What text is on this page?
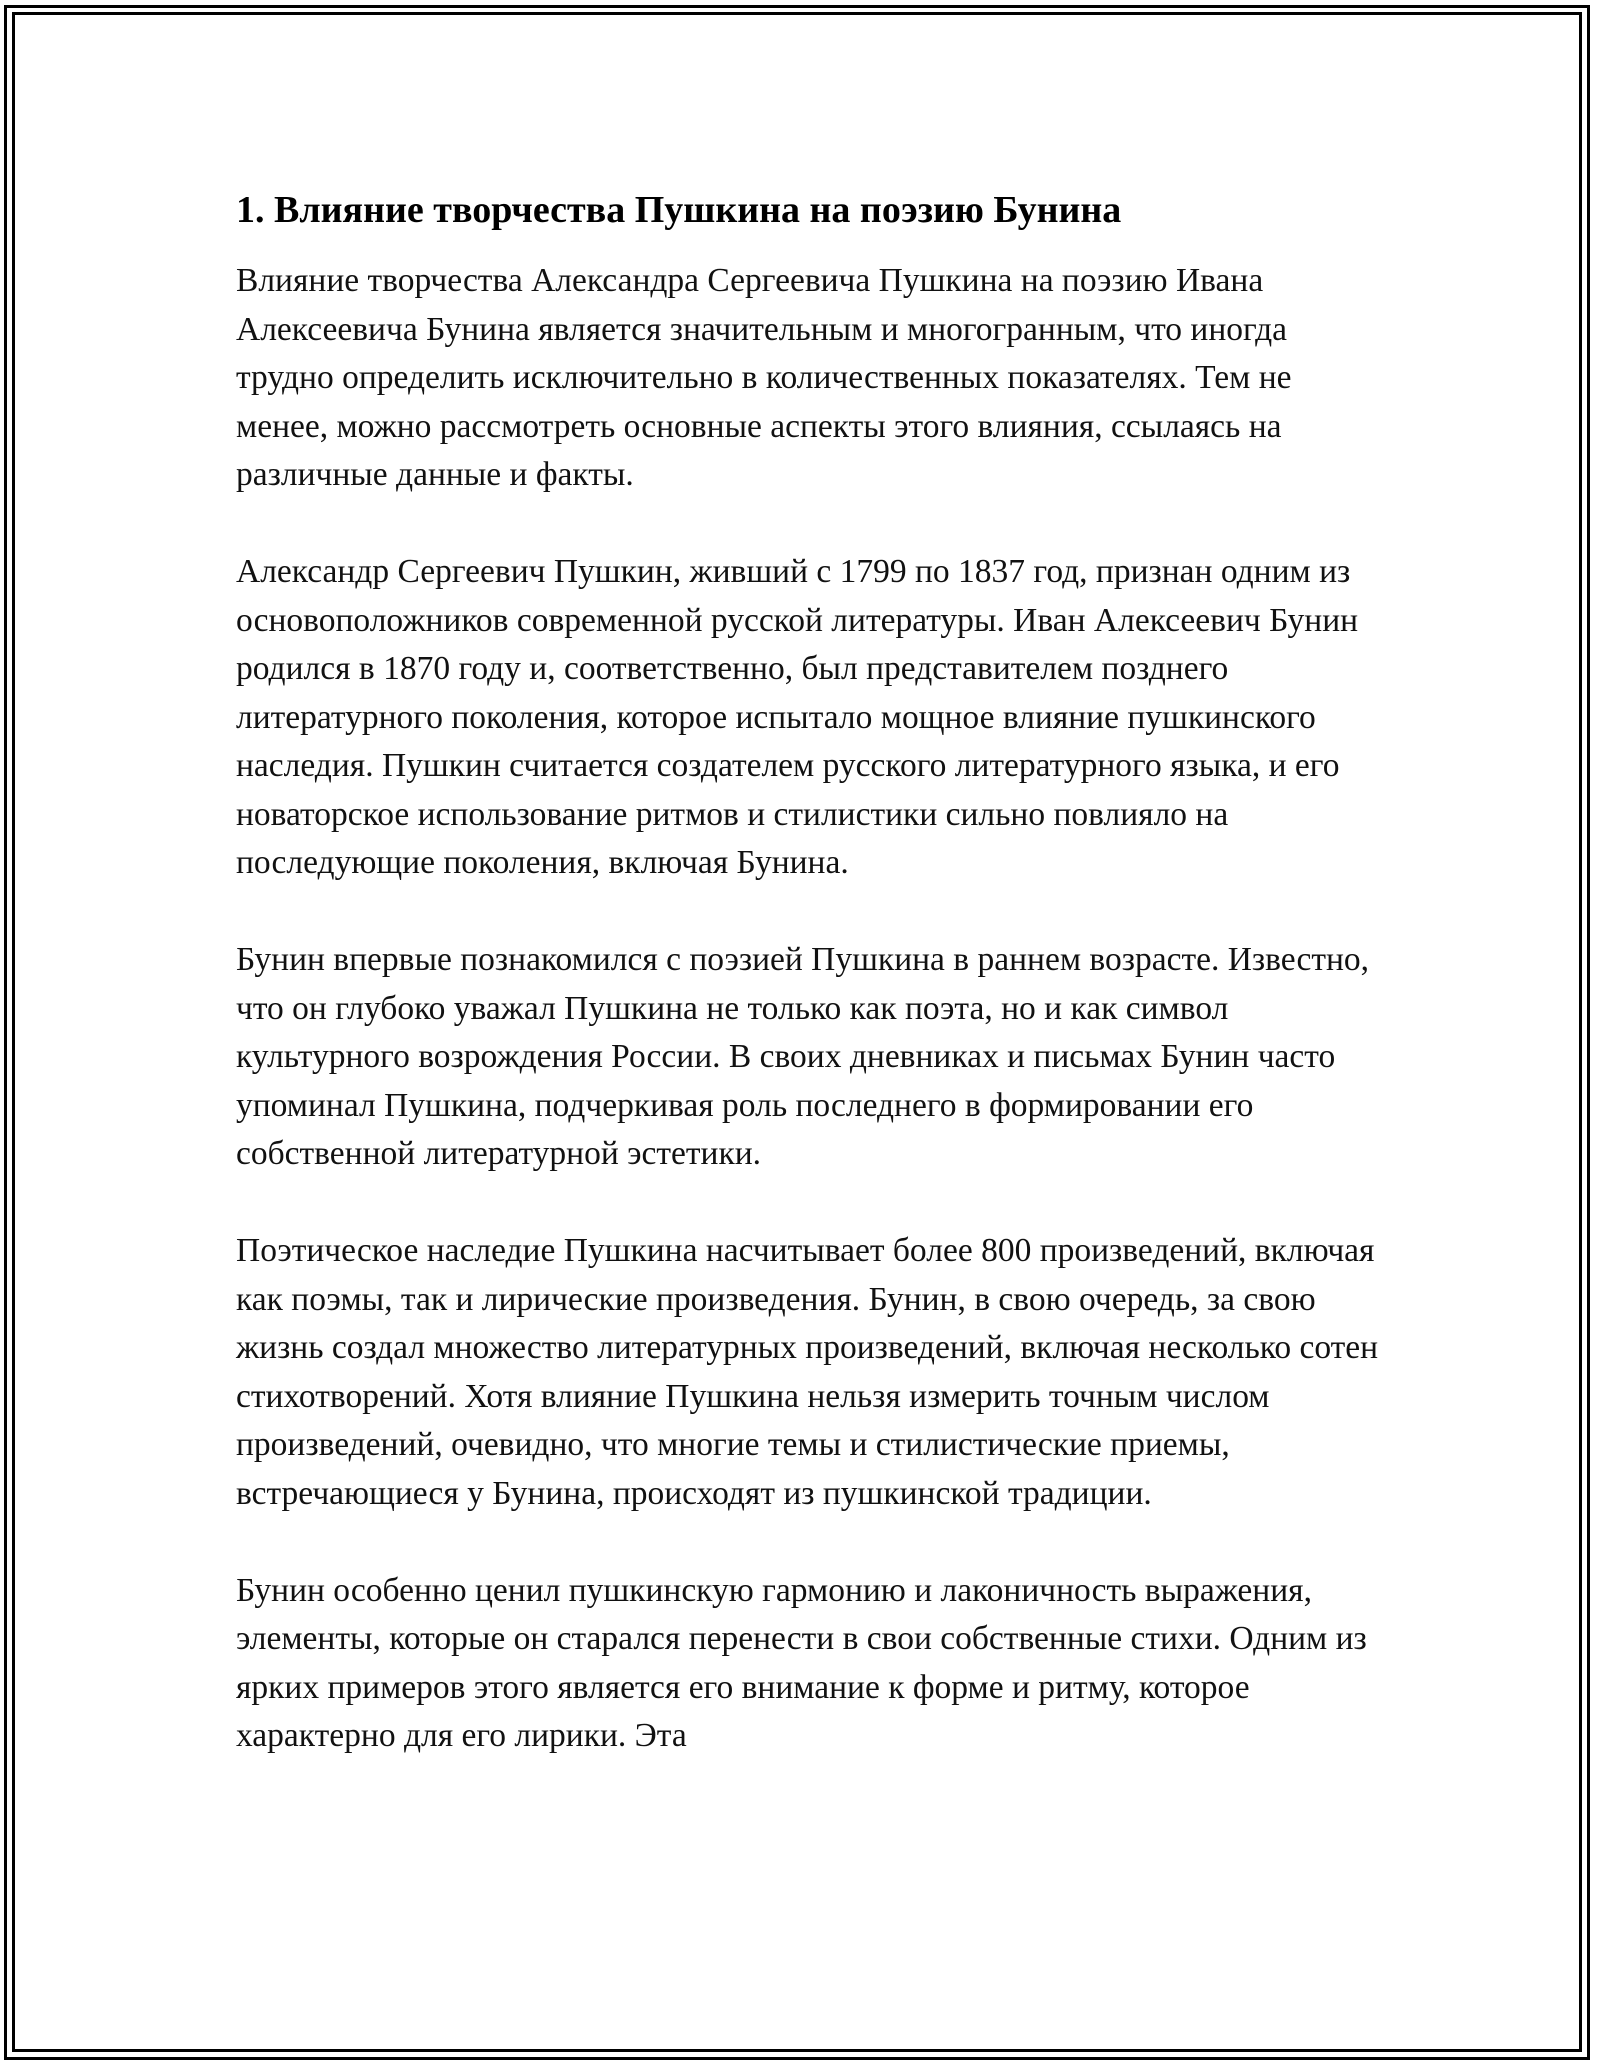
1. Влияние творчества Пушкина на поэзию Бунина

Влияние творчества Александра Сергеевича Пушкина на поэзию Ивана Алексеевича Бунина является значительным и многогранным, что иногда трудно определить исключительно в количественных показателях. Тем не менее, можно рассмотреть основные аспекты этого влияния, ссылаясь на различные данные и факты.

Александр Сергеевич Пушкин, живший с 1799 по 1837 год, признан одним из основоположников современной русской литературы. Иван Алексеевич Бунин родился в 1870 году и, соответственно, был представителем позднего литературного поколения, которое испытало мощное влияние пушкинского наследия. Пушкин считается создателем русского литературного языка, и его новаторское использование ритмов и стилистики сильно повлияло на последующие поколения, включая Бунина.

Бунин впервые познакомился с поэзией Пушкина в раннем возрасте. Известно, что он глубоко уважал Пушкина не только как поэта, но и как символ культурного возрождения России. В своих дневниках и письмах Бунин часто упоминал Пушкина, подчеркивая роль последнего в формировании его собственной литературной эстетики.

Поэтическое наследие Пушкина насчитывает более 800 произведений, включая как поэмы, так и лирические произведения. Бунин, в свою очередь, за свою жизнь создал множество литературных произведений, включая несколько сотен стихотворений. Хотя влияние Пушкина нельзя измерить точным числом произведений, очевидно, что многие темы и стилистические приемы, встречающиеся у Бунина, происходят из пушкинской традиции.

Бунин особенно ценил пушкинскую гармонию и лаконичность выражения, элементы, которые он старался перенести в свои собственные стихи. Одним из ярких примеров этого является его внимание к форме и ритму, которое характерно для его лирики. Эта
